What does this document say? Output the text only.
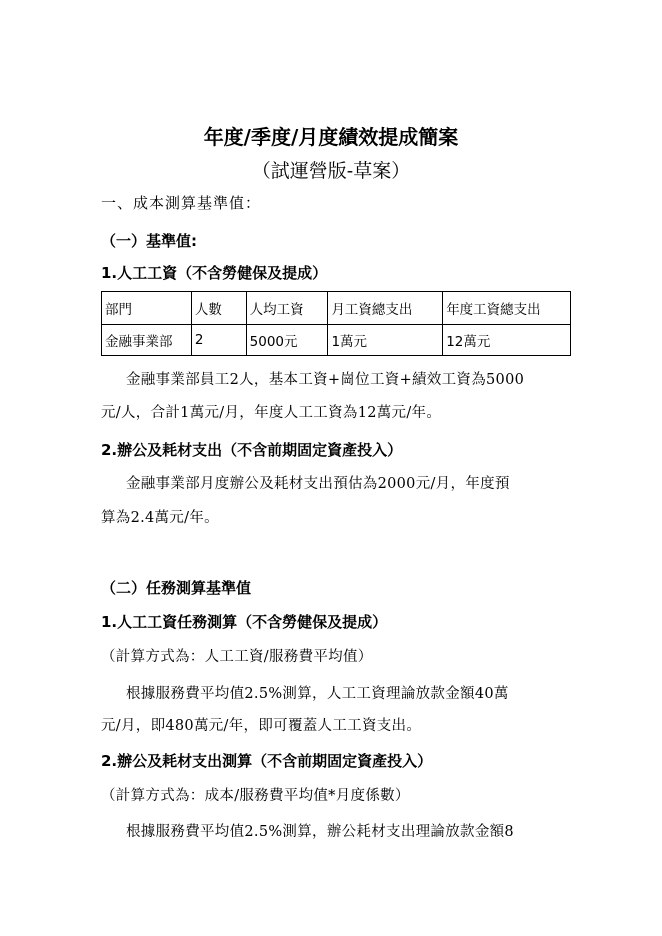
年度/季度/月度績效提成簡案
（試運營版-草案）
一、成本測算基準值：
（一）基準值:
1.人工工資（不含勞健保及提成）
部門	人數	人均工資	月工資總支出	年度工資總支出
金融事業部	2	5000元	1萬元	12萬元
金融事業部員工2人，基本工資+崗位工資+績效工資為5000
元/人，合計1萬元/月，年度人工工資為12萬元/年。
2.辦公及耗材支出（不含前期固定資產投入）
金融事業部月度辦公及耗材支出預估為2000元/月，年度預
算為2.4萬元/年。
（二）任務測算基準值
1.人工工資任務測算（不含勞健保及提成）
（計算方式為：人工工資/服務費平均值）
根據服務費平均值2.5%測算，人工工資理論放款金額40萬
元/月，即480萬元/年，即可覆蓋人工工資支出。
2.辦公及耗材支出測算（不含前期固定資產投入）
（計算方式為：成本/服務費平均值*月度係數）
根據服務費平均值2.5%測算，辦公耗材支出理論放款金額8
